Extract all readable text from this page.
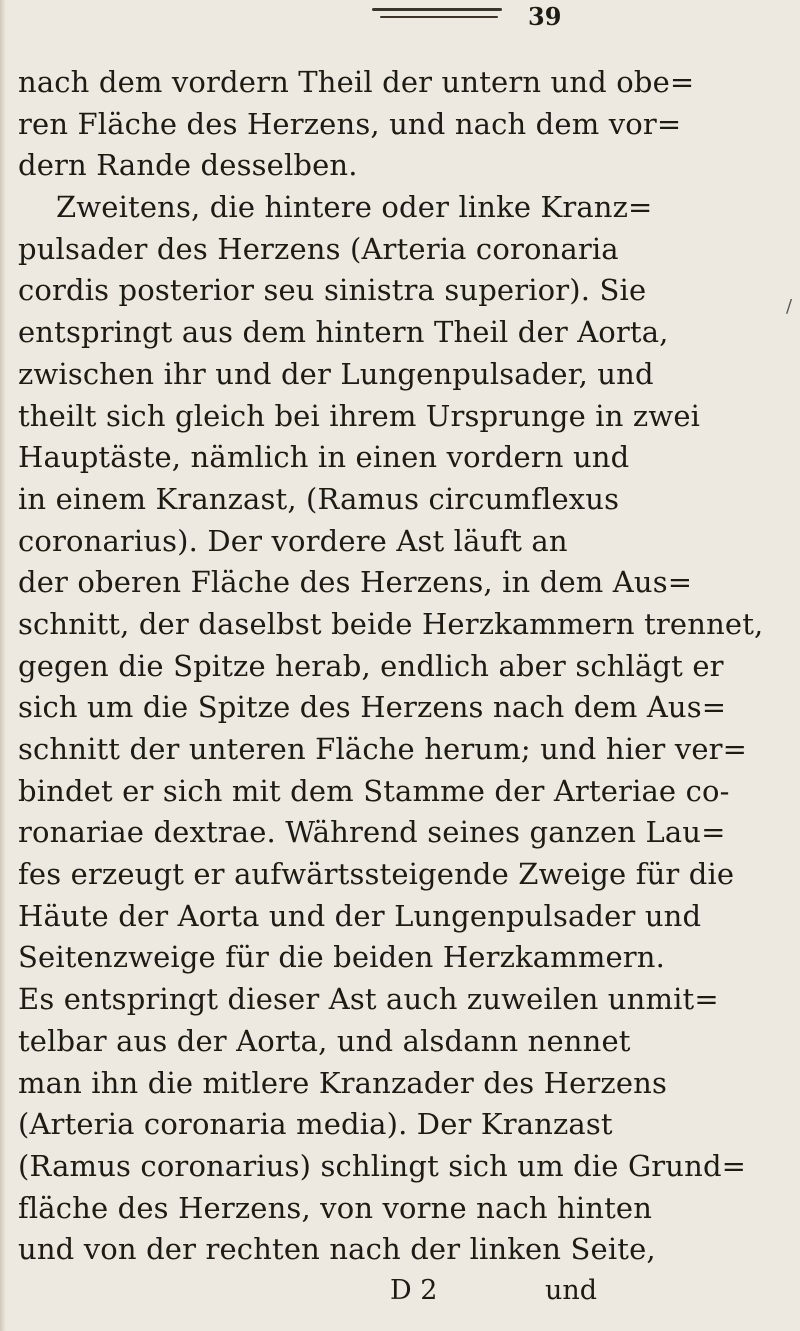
39
/
nach dem vordern Theil der untern und obe=
ren Fläche des Herzens, und nach dem vor=
dern Rande desselben.
Zweitens, die hintere oder linke Kranz=
pulsader des Herzens (Arteria coronaria
cordis posterior seu sinistra superior). Sie
entspringt aus dem hintern Theil der Aorta,
zwischen ihr und der Lungenpulsader, und
theilt sich gleich bei ihrem Ursprunge in zwei
Hauptäste, nämlich in einen vordern und
in einem Kranzast, (Ramus circumflexus
coronarius). Der vordere Ast läuft an
der oberen Fläche des Herzens, in dem Aus=
schnitt, der daselbst beide Herzkammern trennet,
gegen die Spitze herab, endlich aber schlägt er
sich um die Spitze des Herzens nach dem Aus=
schnitt der unteren Fläche herum; und hier ver=
bindet er sich mit dem Stamme der Arteriae co-
ronariae dextrae. Während seines ganzen Lau=
fes erzeugt er aufwärtssteigende Zweige für die
Häute der Aorta und der Lungenpulsader und
Seitenzweige für die beiden Herzkammern.
Es entspringt dieser Ast auch zuweilen unmit=
telbar aus der Aorta, und alsdann nennet
man ihn die mitlere Kranzader des Herzens
(Arteria coronaria media). Der Kranzast
(Ramus coronarius) schlingt sich um die Grund=
fläche des Herzens, von vorne nach hinten
und von der rechten nach der linken Seite,
D 2	und
